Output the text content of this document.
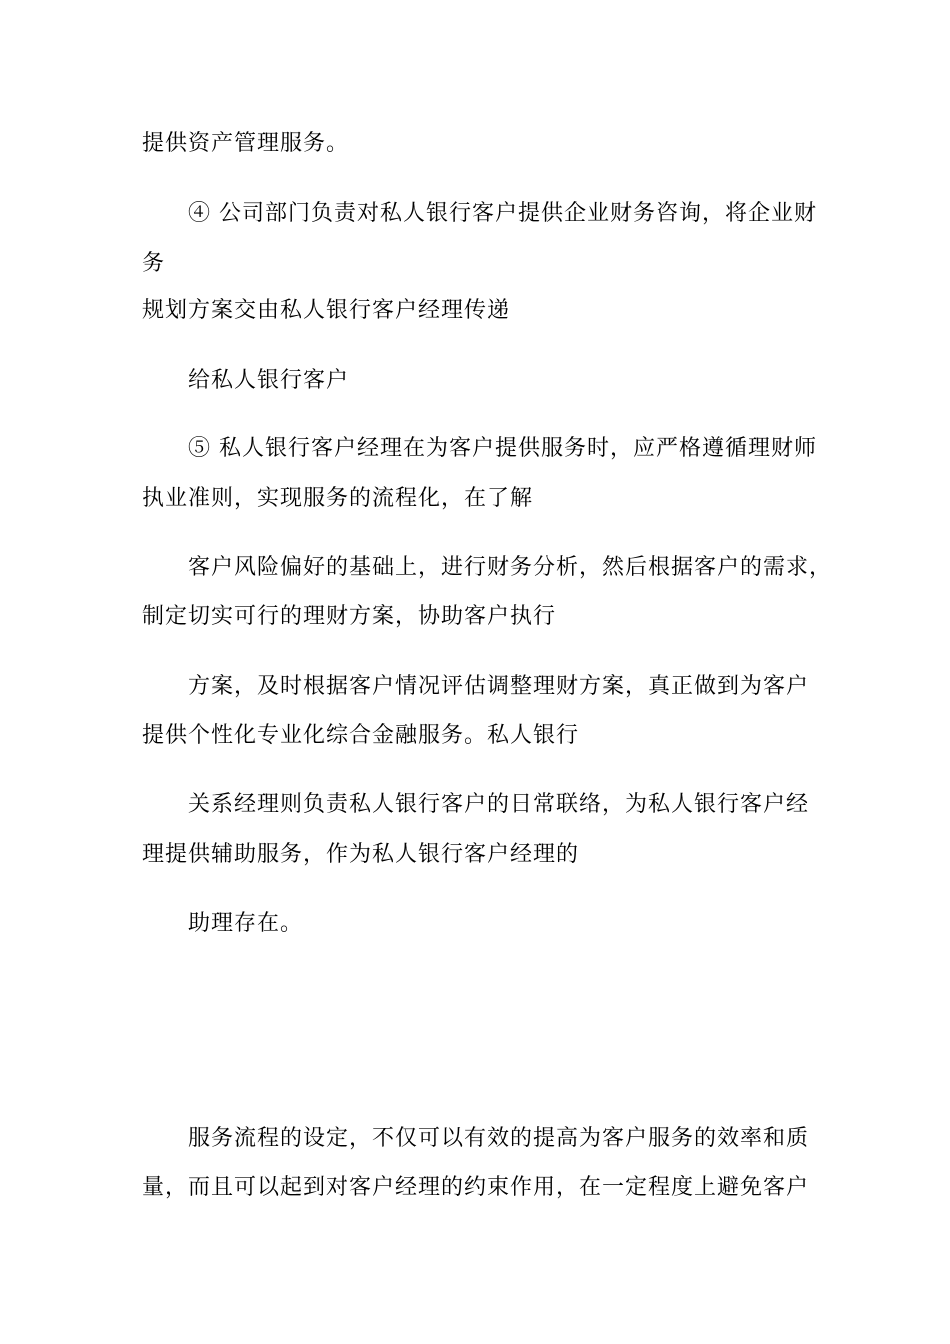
提供资产管理服务。
④ 公司部门负责对私人银行客户提供企业财务咨询，将企业财
务
规划方案交由私人银行客户经理传递
给私人银行客户
⑤ 私人银行客户经理在为客户提供服务时，应严格遵循理财师
执业准则，实现服务的流程化，在了解
客户风险偏好的基础上，进行财务分析，然后根据客户的需求，
制定切实可行的理财方案，协助客户执行
方案，及时根据客户情况评估调整理财方案，真正做到为客户
提供个性化专业化综合金融服务。私人银行
关系经理则负责私人银行客户的日常联络，为私人银行客户经
理提供辅助服务，作为私人银行客户经理的
助理存在。
服务流程的设定，不仅可以有效的提高为客户服务的效率和质
量，而且可以起到对客户经理的约束作用，在一定程度上避免客户
